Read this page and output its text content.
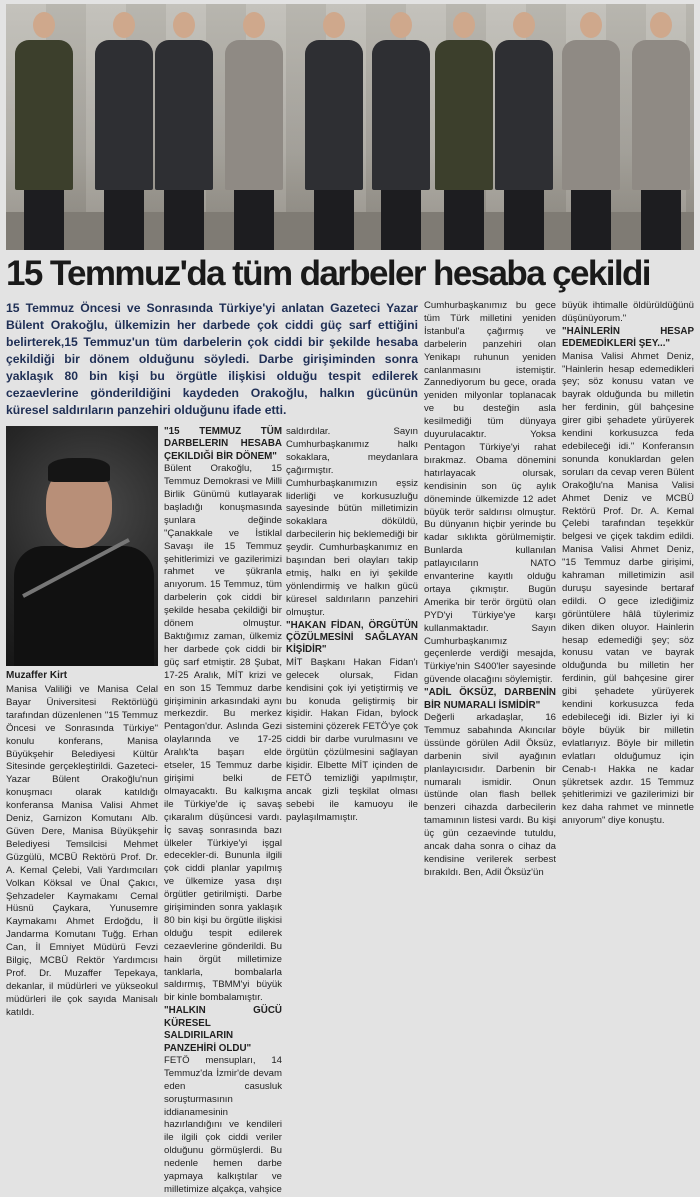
15 Temmuz'da tüm darbeler hesaba çekildi
15 Temmuz Öncesi ve Sonrasında Türkiye'yi anlatan Gazeteci Yazar Bülent Orakoğlu, ülkemizin her darbede çok ciddi güç sarf ettiğini belirterek,15 Temmuz'un tüm darbelerin çok ciddi bir şekilde hesaba çekildiği bir dönem olduğunu söyledi. Darbe girişiminden sonra yaklaşık 80 bin kişi bu örgütle ilişkisi olduğu tespit edilerek cezaevlerine gönderildiğini kaydeden Orakoğlu, halkın gücünün küresel saldırıların panzehiri olduğunu ifade etti.
Muzaffer Kirt

Manisa Valiliği ve Manisa Celal Bayar Üniversitesi Rektörlüğü tarafından düzenlenen "15 Temmuz Öncesi ve Sonrasında Türkiye" konulu konferans, Manisa Büyükşehir Belediyesi Kültür Sitesinde gerçekleştirildi. Gazeteci-Yazar Bülent Orakoğlu'nun konuşmacı olarak katıldığı konferansa Manisa Valisi Ahmet Deniz, Garnizon Komutanı Alb. Güven Dere, Manisa Büyükşehir Belediyesi Temsilcisi Mehmet Güzgülü, MCBÜ Rektörü Prof. Dr. A. Kemal Çelebi, Vali Yardımcıları Volkan Köksal ve Ünal Çakıcı, Şehzadeler Kaymakamı Cemal Hüsnü Çaykara, Yunusemre Kaymakamı Ahmet Erdoğdu, İl Jandarma Komutanı Tuğg. Erhan Can, İl Emniyet Müdürü Fevzi Bilgiç, MCBÜ Rektör Yardımcısı Prof. Dr. Muzaffer Tepekaya, dekanlar, il müdürleri ve yükseokul müdürleri ile çok sayıda Manisalı katıldı.

"15 TEMMUZ TÜM DARBELERIN HESABA ÇEKILDIĞİ BİR DÖNEM"

Bülent Orakoğlu, 15 Temmuz Demokrasi ve Milli Birlik Günümü kutlayarak başladığı konuşmasında şunlara değinde "Çanakkale ve İstiklal Savaşı ile 15 Temmuz şehitlerimizi ve gazilerimizi rahmet ve şükranla anıyorum. 15 Temmuz, tüm darbelerin çok ciddi bir şekilde hesaba çekildiği bir dönem olmuştur. Baktığımız zaman, ülkemiz her darbede çok ciddi bir güç sarf etmiştir. 28 Şubat, 17-25 Aralık, MİT krizi ve en son 15 Temmuz darbe girişiminin arkasındaki aynı merkezdir. Bu merkez Pentagon'dur. Aslında Gezi olaylarında ve 17-25 Aralık'ta başarı elde etseler, 15 Temmuz darbe girişimi belki de olmayacaktı. Bu kalkışma ile Türkiye'de iç savaş çıkaralım düşüncesi vardı. İç savaş sonrasında bazı ülkeler Türkiye'yi işgal edecekler-di. Bununla ilgili çok ciddi planlar yapılmış ve ülkemize yasa dışı örgütler getirilmişti. Darbe girişiminden sonra yaklaşık 80 bin kişi bu örgütle ilişkisi olduğu tespit edilerek cezaevlerine gönderildi. Bu hain örgüt milletimize tanklarla, bombalarla saldırmış, TBMM'yi büyük bir kinle bombalamıştır.

"HALKIN GÜCÜ KÜRESEL SALDIRILARIN PANZEHİRİ OLDU"

FETÖ mensupları, 14 Temmuz'da İzmir'de devam eden casusluk soruşturmasının iddianamesinin hazırlandığını ve kendileri ile ilgili çok ciddi veriler olduğunu görmüşlerdi. Bu nedenle hemen darbe yapmaya kalkıştılar ve milletimize alçakça, vahşice

saldırdılar. Sayın Cumhurbaşkanımız halkı sokaklara, meydanlara çağırmıştır. Cumhurbaşkanımızın eşsiz liderliği ve korkusuzluğu sayesinde bütün milletimizin sokaklara döküldü, darbecilerin hiç beklemediği bir şeydir. Cumhurbaşkanımız en başından beri olayları takip etmiş, halkı en iyi şekilde yönlendirmiş ve halkın gücü küresel saldırıların panzehiri olmuştur.

"HAKAN FİDAN, ÖRGÜTÜN ÇÖZÜLMESİNİ SAĞLAYAN KİŞİDİR"

MİT Başkanı Hakan Fidan'ı gelecek olursak, Fidan kendisini çok iyi yetiştirmiş ve bu konuda geliştirmiş bir kişidir. Hakan Fidan, bylock sistemini çözerek FETÖ'ye çok ciddi bir darbe vurulmasını ve örgütün çözülmesini sağlayan kişidir. Elbette MİT içinden de FETÖ temizliği yapılmıştır, ancak gizli teşkilat olması sebebi ile kamuoyu ile paylaşılmamıştır.

Cumhurbaşkanımız bu gece tüm Türk milletini yeniden İstanbul'a çağırmış ve darbelerin panzehiri olan Yenikapı ruhunun yeniden canlanmasını istemiştir. Zannediyorum bu gece, orada yeniden milyonlar toplanacak ve bu desteğin asla kesilmediği tüm dünyaya duyurulacaktır. Yoksa Pentagon Türkiye'yi rahat bırakmaz. Obama dönemini hatırlayacak olursak, kendisinin son üç aylık döneminde ülkemizde 12 adet büyük terör saldırısı olmuştur. Bu dünyanın hiçbir yerinde bu kadar sıklıkta görülmemiştir. Bunlarda kullanılan patlayıcıların NATO envanterine kayıtlı olduğu ortaya çıkmıştır. Bugün Amerika bir terör örgütü olan PYD'yi Türkiye'ye karşı kullanmaktadır. Sayın Cumhurbaşkanımız geçenlerde verdiği mesajda, Türkiye'nin S400'ler sayesinde güvende olacağını söylemiştir.

"ADİL ÖKSÜZ, DARBENİN BİR NUMARALI İSMİDİR"

Değerli arkadaşlar, 16 Temmuz sabahında Akıncılar üssünde görülen Adil Öksüz, darbenin sivil ayağının planlayıcısıdır. Darbenin bir numaralı ismidir. Onun üstünde olan flash bellek benzeri cihazda darbecilerin tamamının listesi vardı. Bu kişi üç gün cezaevinde tutuldu, ancak daha sonra o cihaz da kendisine verilerek serbest bırakıldı. Ben, Adil Öksüz'ün

büyük ihtimalle öldürüldüğünü düşünüyorum."

"HAİNLERİN HESAP EDEMEDİKLERİ ŞEY..."

Manisa Valisi Ahmet Deniz, "Hainlerin hesap edemedikleri şey; söz konusu vatan ve bayrak olduğunda bu milletin her ferdinin, gül bahçesine girer gibi şehadete yürüyerek kendini korkusuzca feda edebileceği idi." Konferansın sonunda konuklardan gelen soruları da cevap veren Bülent Orakoğlu'na Manisa Valisi Ahmet Deniz ve MCBÜ Rektörü Prof. Dr. A. Kemal Çelebi tarafından teşekkür belgesi ve çiçek takdim edildi. Manisa Valisi Ahmet Deniz, "15 Temmuz darbe girişimi, kahraman milletimizin asil duruşu sayesinde bertaraf edildi. O gece izlediğimiz görüntülere hâlâ tüylerimiz diken diken oluyor. Hainlerin hesap edemediği şey; söz konusu vatan ve bayrak olduğunda bu milletin her ferdinin, gül bahçesine girer gibi şehadete yürüyerek kendini korkusuzca feda edebileceği idi. Bizler iyi ki böyle büyük bir milletin evlatlarıyız. Böyle bir milletin evlatları olduğumuz için Cenab-ı Hakka ne kadar şükretsek azdır. 15 Temmuz şehitlerimizi ve gazilerimizi bir kez daha rahmet ve minnetle anıyorum" diye konuştu.
